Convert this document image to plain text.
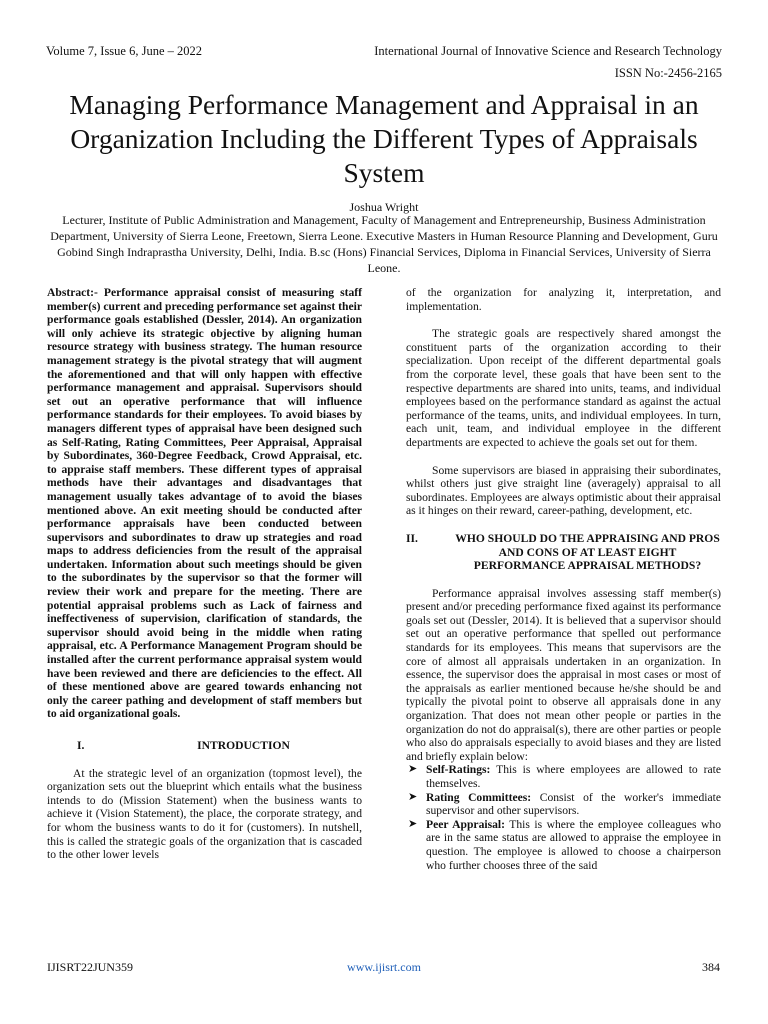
Volume 7, Issue 6, June – 2022	International Journal of Innovative Science and Research Technology
ISSN No:-2456-2165
Managing Performance Management and Appraisal in an Organization Including the Different Types of Appraisals System
Joshua Wright
Lecturer, Institute of Public Administration and Management, Faculty of Management and Entrepreneurship, Business Administration Department, University of Sierra Leone, Freetown, Sierra Leone. Executive Masters in Human Resource Planning and Development, Guru Gobind Singh Indraprastha University, Delhi, India. B.sc (Hons) Financial Services, Diploma in Financial Services, University of Sierra Leone.

Abstract:- Performance appraisal consist of measuring staff member(s) current and preceding performance set against their performance goals established (Dessler, 2014). An organization will only achieve its strategic objective by aligning human resource strategy with business strategy. The human resource management strategy is the pivotal strategy that will augment the aforementioned and that will only happen with effective performance management and appraisal. Supervisors should set out an operative performance that will influence performance standards for their employees. To avoid biases by managers different types of appraisal have been designed such as Self-Rating, Rating Committees, Peer Appraisal, Appraisal by Subordinates, 360-Degree Feedback, Crowd Appraisal, etc. to appraise staff members. These different types of appraisal methods have their advantages and disadvantages that management usually takes advantage of to avoid the biases mentioned above. An exit meeting should be conducted after performance appraisals have been conducted between supervisors and subordinates to draw up strategies and road maps to address deficiencies from the result of the appraisal undertaken. Information about such meetings should be given to the subordinates by the supervisor so that the former will review their work and prepare for the meeting. There are potential appraisal problems such as Lack of fairness and ineffectiveness of supervision, clarification of standards, the supervisor should avoid being in the middle when rating appraisal, etc. A Performance Management Program should be installed after the current performance appraisal system would have been reviewed and there are deficiencies to the effect. All of these mentioned above are geared towards enhancing not only the career pathing and development of staff members but to aid organizational goals.

I.	INTRODUCTION

At the strategic level of an organization (topmost level), the organization sets out the blueprint which entails what the business intends to do (Mission Statement) when the business wants to achieve it (Vision Statement), the place, the corporate strategy, and for whom the business wants to do it for (customers). In nutshell, this is called the strategic goals of the organization that is cascaded to the other lower levels

of the organization for analyzing it, interpretation, and implementation.

The strategic goals are respectively shared amongst the constituent parts of the organization according to their specialization. Upon receipt of the different departmental goals from the corporate level, these goals that have been sent to the respective departments are shared into units, teams, and individual employees based on the performance standard as against the actual performance of the teams, units, and individual employees. In turn, each unit, team, and individual employee in the different departments are expected to achieve the goals set out for them.

Some supervisors are biased in appraising their subordinates, whilst others just give straight line (averagely) appraisal to all subordinates. Employees are always optimistic about their appraisal as it hinges on their reward, career-pathing, development, etc.

II.	WHO SHOULD DO THE APPRAISING AND PROS AND CONS OF AT LEAST EIGHT PERFORMANCE APPRAISAL METHODS?

Performance appraisal involves assessing staff member(s) present and/or preceding performance fixed against its performance goals set out (Dessler, 2014). It is believed that a supervisor should set out an operative performance that spelled out performance standards for its employees. This means that supervisors are the core of almost all appraisals undertaken in an organization. In essence, the supervisor does the appraisal in most cases or most of the appraisals as earlier mentioned because he/she should be and typically the pivotal point to observe all appraisals done in any organization. That does not mean other people or parties in the organization do not do appraisal(s), there are other parties or people who also do appraisals especially to avoid biases and they are listed and briefly explain below:

➤ Self-Ratings: This is where employees are allowed to rate themselves.
➤ Rating Committees: Consist of the worker's immediate supervisor and other supervisors.
➤ Peer Appraisal: This is where the employee colleagues who are in the same status are allowed to appraise the employee in question. The employee is allowed to choose a chairperson who further chooses three of the said
IJISRT22JUN359	www.ijisrt.com	384
